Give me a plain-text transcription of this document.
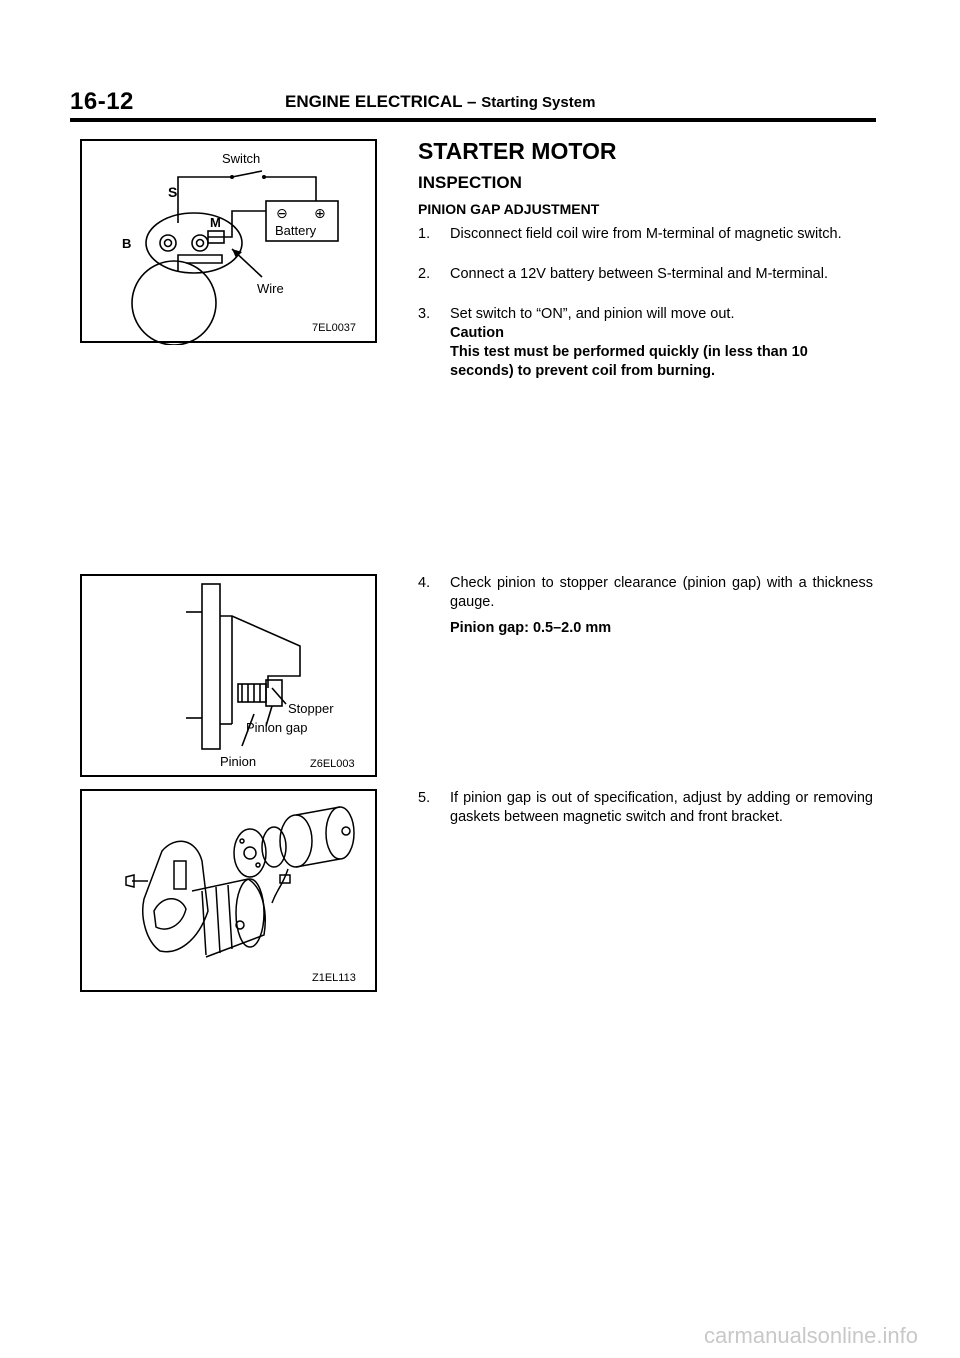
16-12	ENGINE ELECTRICAL – Starting System
Switch
S
B
M
⊖ ⊕
Battery
Wire
7EL0037
STARTER MOTOR
INSPECTION
PINION GAP ADJUSTMENT
1.	Disconnect field coil wire from M-terminal of magnetic switch.
2.	Connect a 12V battery between S-terminal and M-terminal.
3.	Set switch to “ON”, and pinion will move out.
Caution
This test must be performed quickly (in less than 10 seconds) to prevent coil from burning.
Stopper
Pinion gap
Pinion	Z6EL003
4.	Check pinion to stopper clearance (pinion gap) with a thickness gauge.
Pinion gap: 0.5–2.0 mm
Z1EL113
5.	If pinion gap is out of specification, adjust by adding or removing gaskets between magnetic switch and front bracket.
carmanualsonline.info
